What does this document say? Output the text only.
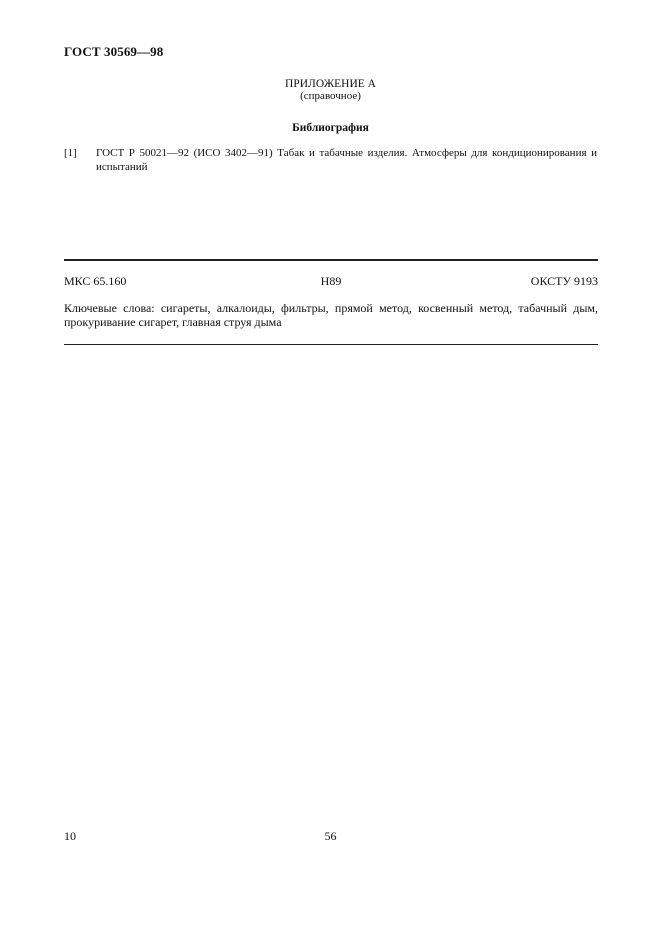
ГОСТ 30569—98
ПРИЛОЖЕНИЕ А
(справочное)
Библиография
[1] ГОСТ Р 50021—92 (ИСО 3402—91) Табак и табачные изделия. Атмосферы для кондиционирования и испытаний
МКС 65.160	Н89	ОКСТУ 9193
Ключевые слова: сигареты, алкалоиды, фильтры, прямой метод, косвенный метод, табачный дым, прокуривание сигарет, главная струя дыма
10	56
